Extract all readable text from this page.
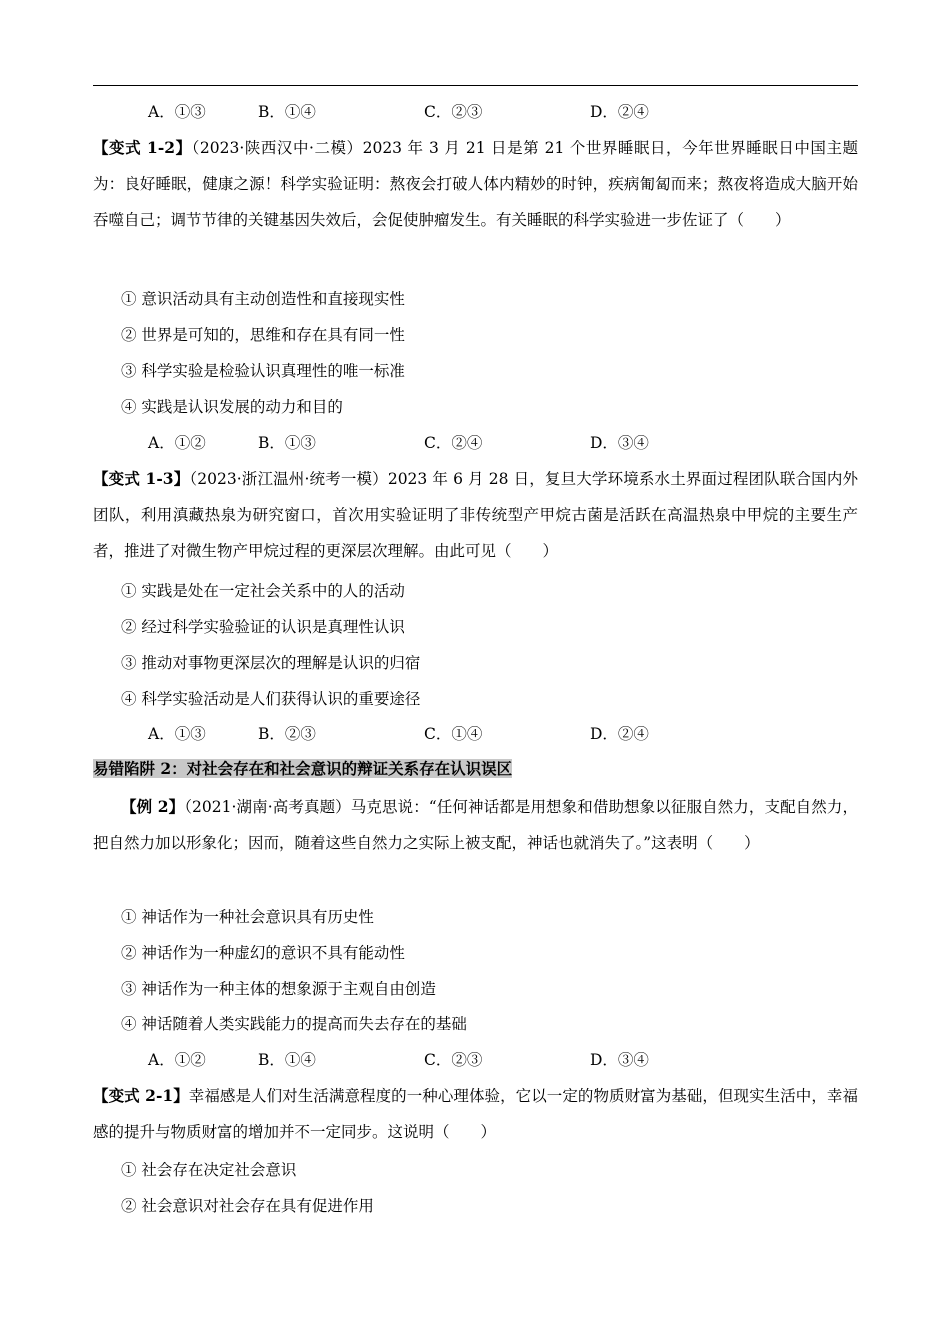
A．①③	B．①④	C．②③	D．②④
【变式 1-2】（2023·陕西汉中·二模）2023 年 3 月 21 日是第 21 个世界睡眠日，今年世界睡眠日中国主题为：良好睡眠，健康之源！科学实验证明：熬夜会打破人体内精妙的时钟，疾病匍匐而来；熬夜将造成大脑开始吞噬自己；调节节律的关键基因失效后，会促使肿瘤发生。有关睡眠的科学实验进一步佐证了（　　）
① 意识活动具有主动创造性和直接现实性
② 世界是可知的，思维和存在具有同一性
③ 科学实验是检验认识真理性的唯一标准
④ 实践是认识发展的动力和目的
A．①②	B．①③	C．②④	D．③④
【变式 1-3】（2023·浙江温州·统考一模）2023 年 6 月 28 日，复旦大学环境系水土界面过程团队联合国内外团队，利用滇藏热泉为研究窗口，首次用实验证明了非传统型产甲烷古菌是活跃在高温热泉中甲烷的主要生产者，推进了对微生物产甲烷过程的更深层次理解。由此可见（　　）
① 实践是处在一定社会关系中的人的活动
② 经过科学实验验证的认识是真理性认识
③ 推动对事物更深层次的理解是认识的归宿
④ 科学实验活动是人们获得认识的重要途径
A．①③	B．②③	C．①④	D．②④
易错陷阱 2：对社会存在和社会意识的辩证关系存在认识误区
【例 2】（2021·湖南·高考真题）马克思说：“任何神话都是用想象和借助想象以征服自然力，支配自然力，把自然力加以形象化；因而，随着这些自然力之实际上被支配，神话也就消失了。”这表明（　　）
① 神话作为一种社会意识具有历史性
② 神话作为一种虚幻的意识不具有能动性
③ 神话作为一种主体的想象源于主观自由创造
④ 神话随着人类实践能力的提高而失去存在的基础
A．①②	B．①④	C．②③	D．③④
【变式 2-1】幸福感是人们对生活满意程度的一种心理体验，它以一定的物质财富为基础，但现实生活中，幸福感的提升与物质财富的增加并不一定同步。这说明（　　）
① 社会存在决定社会意识
② 社会意识对社会存在具有促进作用
